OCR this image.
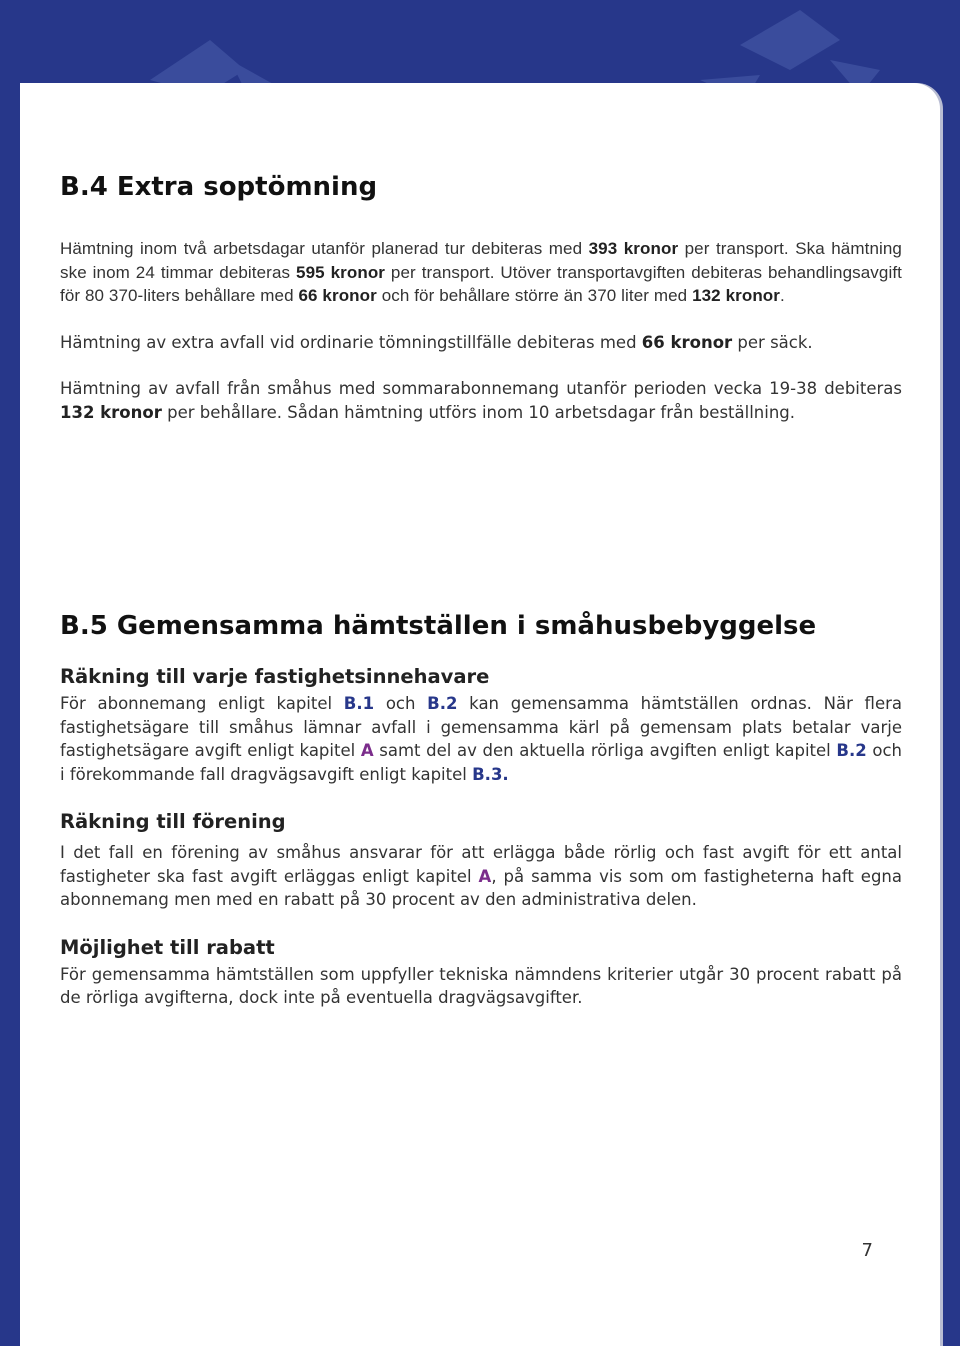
B.4 Extra soptömning

Hämtning inom två arbetsdagar utanför planerad tur debiteras med 393 kronor per transport. Ska hämtning ske inom 24 timmar debiteras 595 kronor per transport. Utöver transportavgiften debiteras behandlingsavgift för 80 370-liters behållare med 66 kronor och för behållare större än 370 liter med 132 kronor.

Hämtning av extra avfall vid ordinarie tömningstillfälle debiteras med 66 kronor per säck.

Hämtning av avfall från småhus med sommarabonnemang utanför perioden vecka 19-38 debiteras 132 kronor per behållare. Sådan hämtning utförs inom 10 arbetsdagar från beställning.

B.5 Gemensamma hämtställen i småhusbebyggelse
Räkning till varje fastighetsinnehavare

För abonnemang enligt kapitel B.1 och B.2 kan gemensamma hämtställen ordnas. När flera fastighetsägare till småhus lämnar avfall i gemensamma kärl på gemensam plats betalar varje fastighetsägare avgift enligt kapitel A samt del av den aktuella rörliga avgiften enligt kapitel B.2 och i förekommande fall dragvägsavgift enligt kapitel B.3.

Räkning till förening

I det fall en förening av småhus ansvarar för att erlägga både rörlig och fast avgift för ett antal fastigheter ska fast avgift erläggas enligt kapitel A, på samma vis som om fastigheterna haft egna abonnemang men med en rabatt på 30 procent av den administrativa delen.

Möjlighet till rabatt

För gemensamma hämtställen som uppfyller tekniska nämndens kriterier utgår 30 procent rabatt på de rörliga avgifterna, dock inte på eventuella dragvägsavgifter.

7
